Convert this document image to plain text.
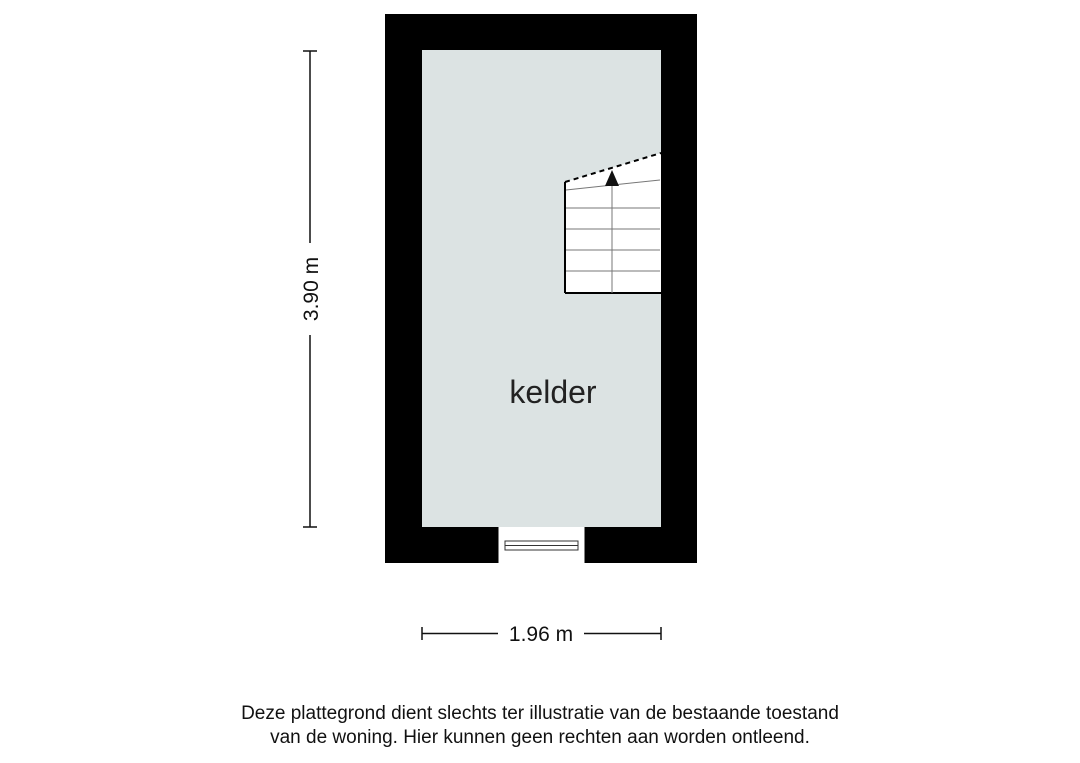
kelder
3.90 m
1.96 m
Deze plattegrond dient slechts ter illustratie van de bestaande toestand
van de woning. Hier kunnen geen rechten aan worden ontleend.
